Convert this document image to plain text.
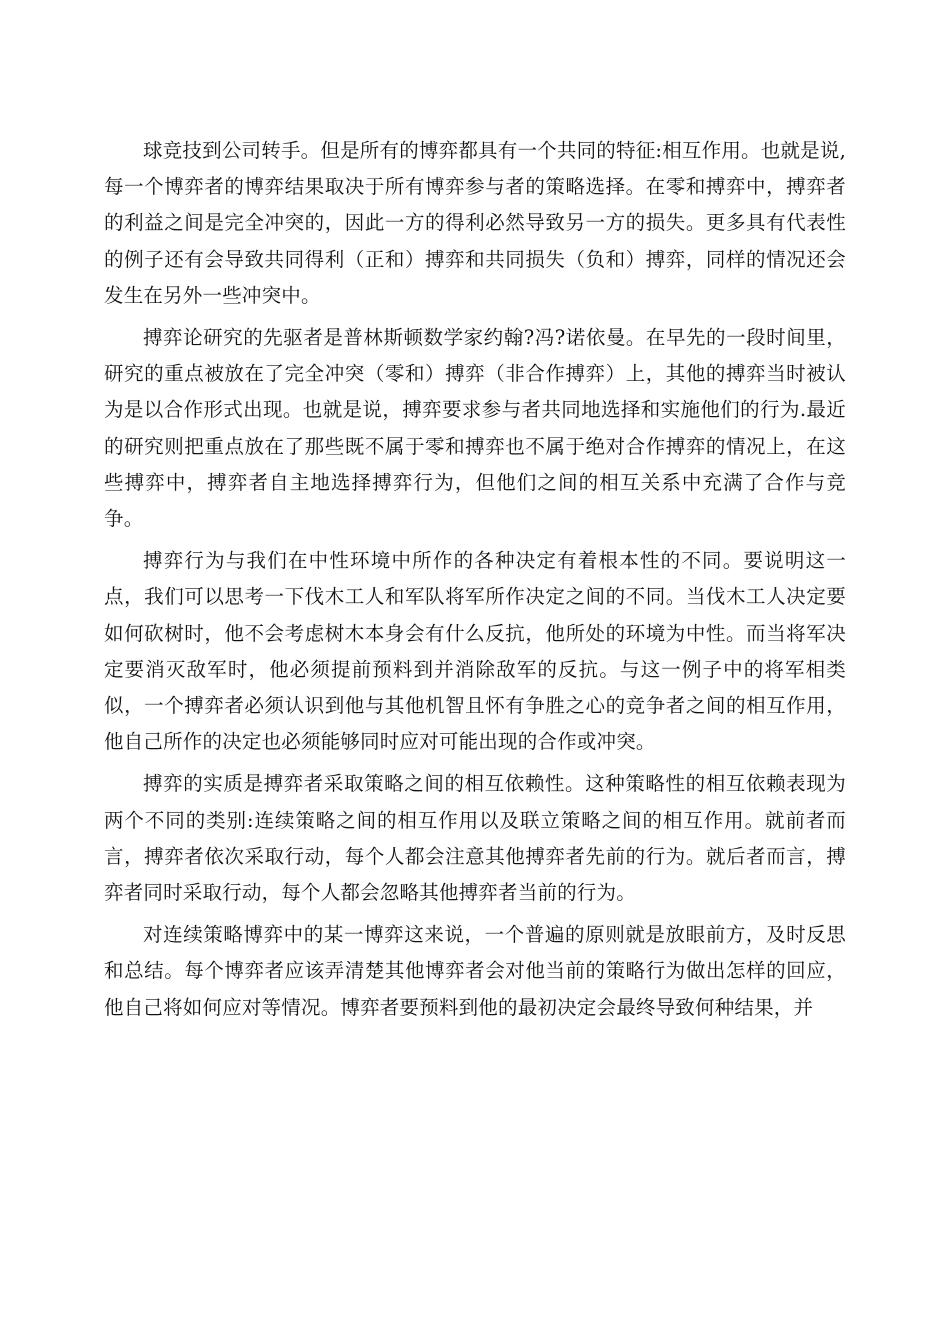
球竞技到公司转手。但是所有的博弈都具有一个共同的特征:相互作用。也就是说,每一个博弈者的博弈结果取决于所有博弈参与者的策略选择。在零和搏弈中，搏弈者的利益之间是完全冲突的，因此一方的得利必然导致另一方的损失。更多具有代表性的例子还有会导致共同得利（正和）搏弈和共同损失（负和）搏弈，同样的情况还会发生在另外一些冲突中。

搏弈论研究的先驱者是普林斯顿数学家约翰?冯?诺依曼。在早先的一段时间里，研究的重点被放在了完全冲突（零和）搏弈（非合作搏弈）上，其他的搏弈当时被认为是以合作形式出现。也就是说，搏弈要求参与者共同地选择和实施他们的行为.最近的研究则把重点放在了那些既不属于零和搏弈也不属于绝对合作搏弈的情况上，在这些搏弈中，搏弈者自主地选择搏弈行为，但他们之间的相互关系中充满了合作与竞争。

搏弈行为与我们在中性环境中所作的各种决定有着根本性的不同。要说明这一点，我们可以思考一下伐木工人和军队将军所作决定之间的不同。当伐木工人决定要如何砍树时，他不会考虑树木本身会有什么反抗，他所处的环境为中性。而当将军决定要消灭敌军时，他必须提前预料到并消除敌军的反抗。与这一例子中的将军相类似，一个搏弈者必须认识到他与其他机智且怀有争胜之心的竞争者之间的相互作用，他自己所作的决定也必须能够同时应对可能出现的合作或冲突。

搏弈的实质是搏弈者采取策略之间的相互依赖性。这种策略性的相互依赖表现为两个不同的类别:连续策略之间的相互作用以及联立策略之间的相互作用。就前者而言，搏弈者依次采取行动，每个人都会注意其他搏弈者先前的行为。就后者而言，搏弈者同时采取行动，每个人都会忽略其他搏弈者当前的行为。

对连续策略博弈中的某一博弈这来说，一个普遍的原则就是放眼前方，及时反思和总结。每个博弈者应该弄清楚其他博弈者会对他当前的策略行为做出怎样的回应，他自己将如何应对等情况。博弈者要预料到他的最初决定会最终导致何种结果，并
